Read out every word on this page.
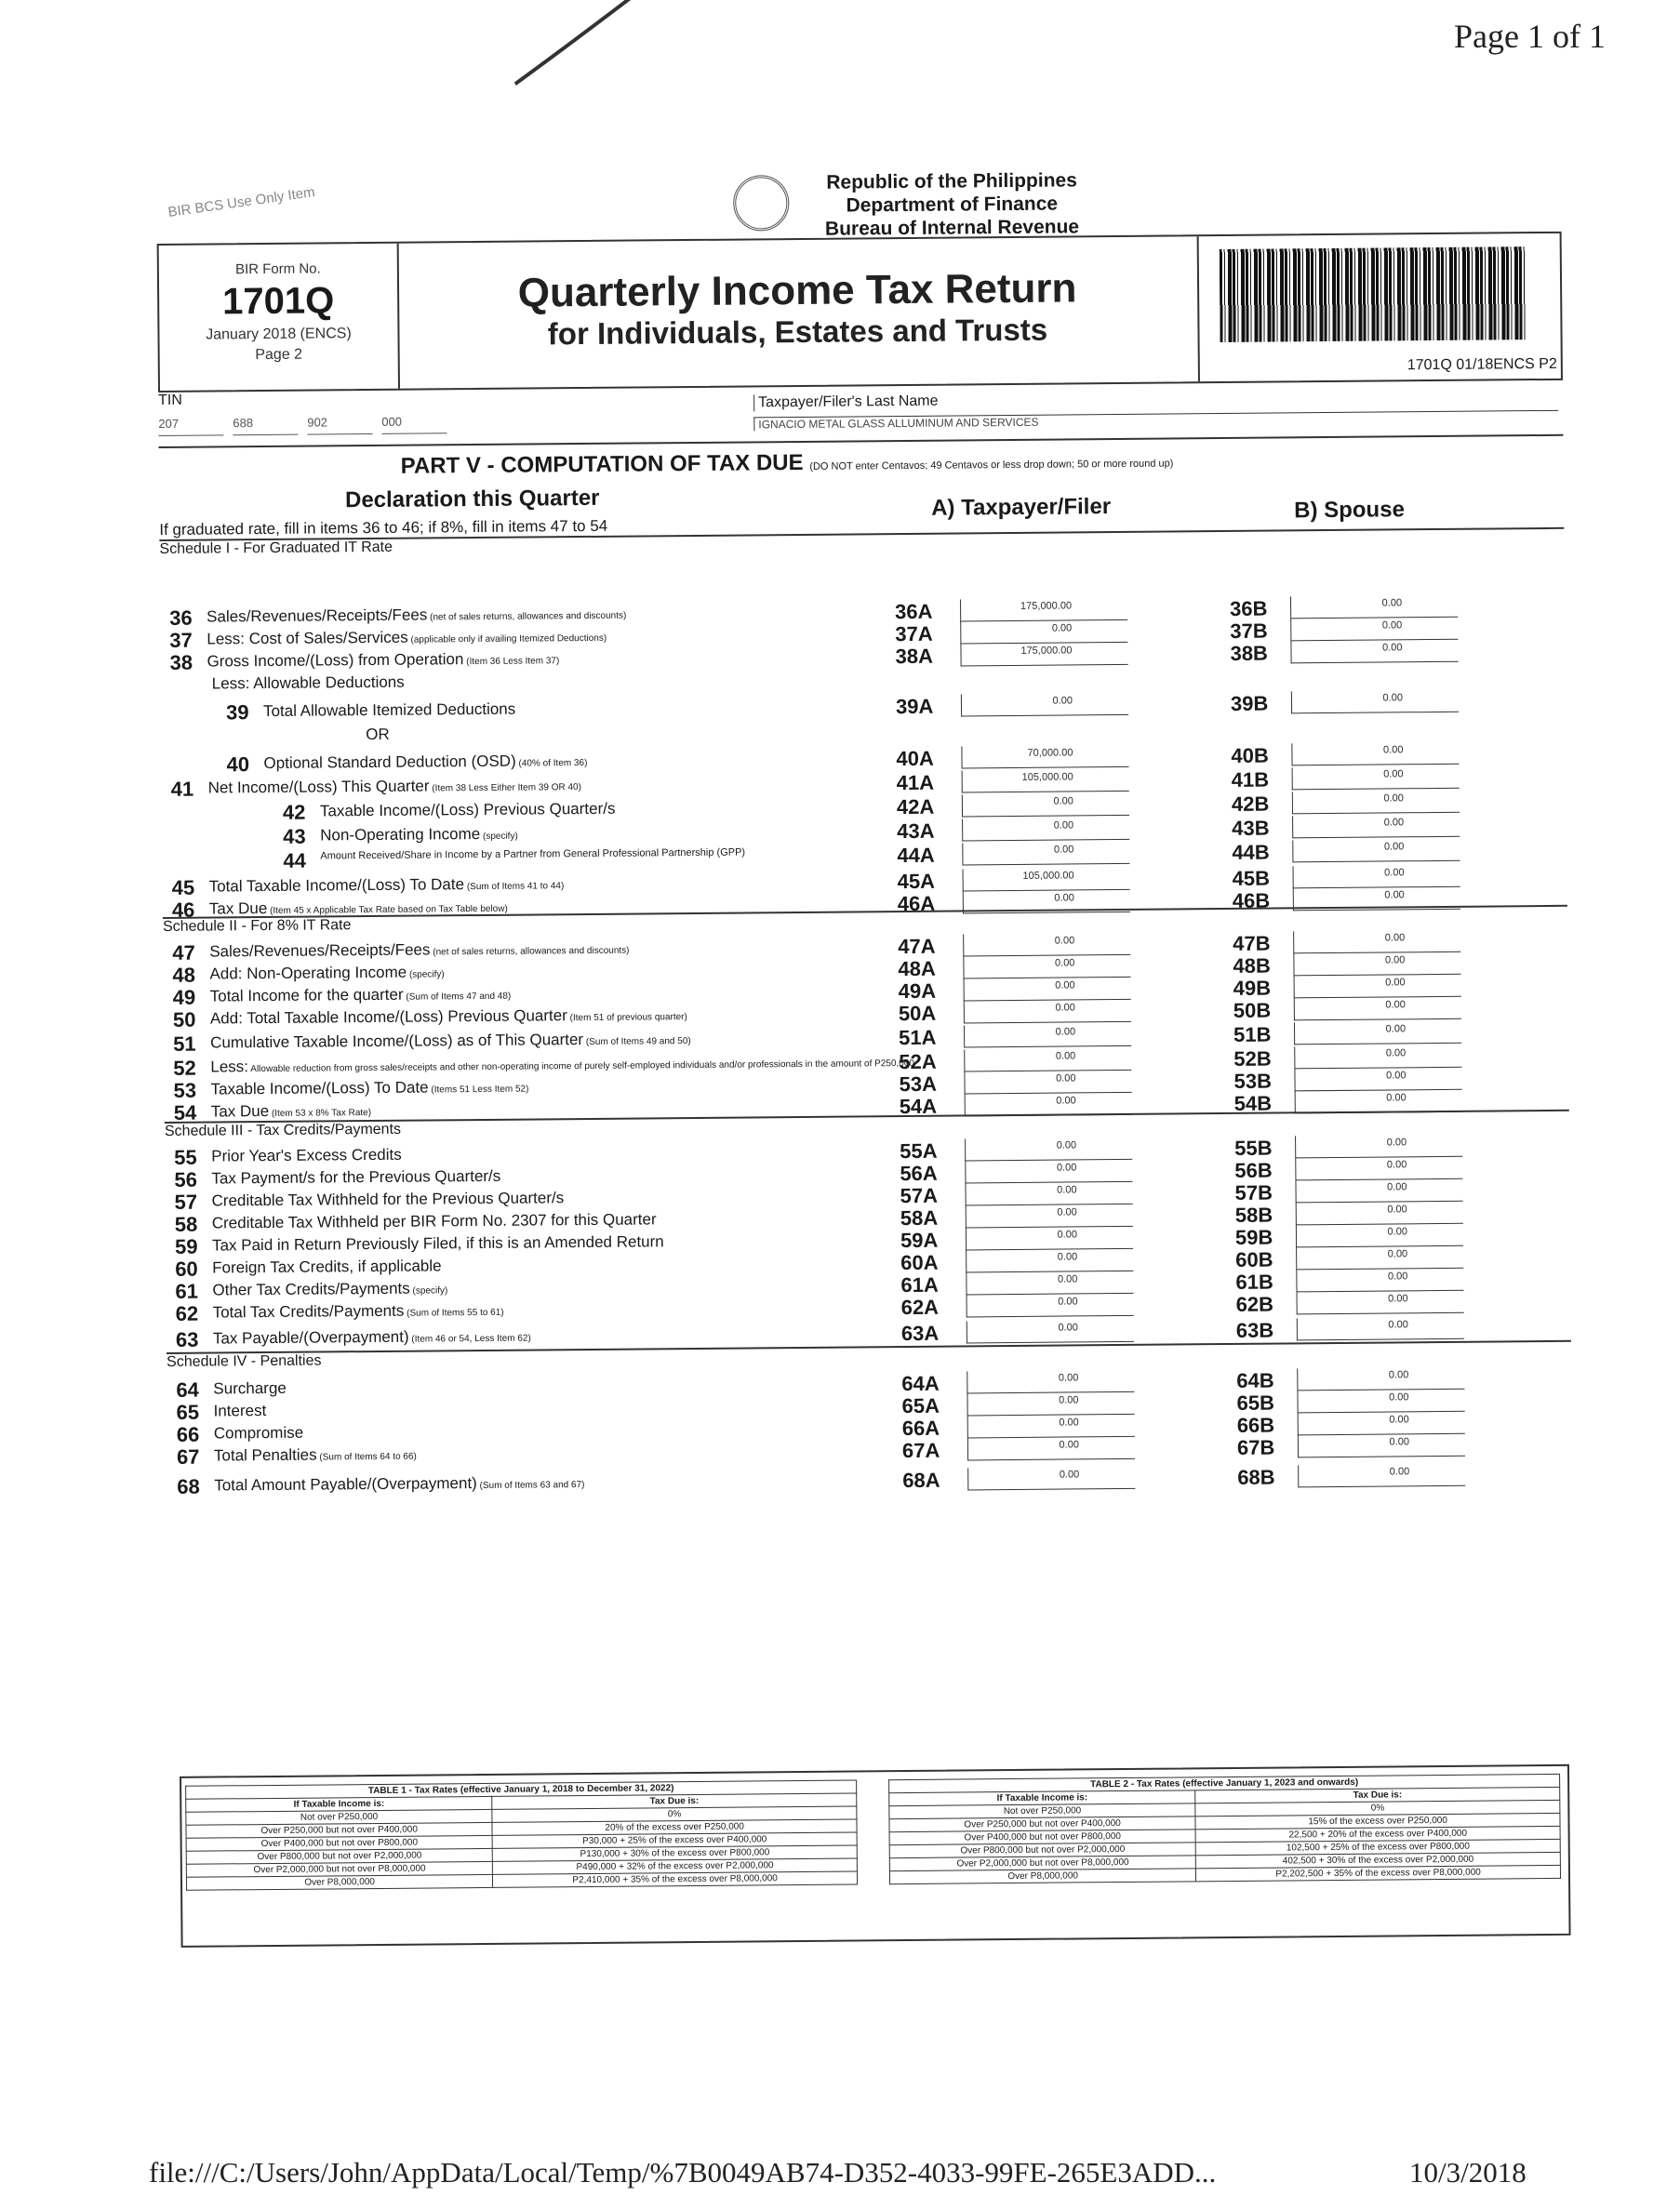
Page 1 of 1
BIR BCS Use Only Item
Republic of the Philippines
Department of Finance
Bureau of Internal Revenue
BIR Form No.
1701Q
January 2018 (ENCS)
Page 2
Quarterly Income Tax Return
for Individuals, Estates and Trusts
1701Q 01/18ENCS P2
TIN
207	688	902	000
Taxpayer/Filer's Last Name
IGNACIO METAL GLASS ALLUMINUM AND SERVICES
PART V - COMPUTATION OF TAX DUE (DO NOT enter Centavos; 49 Centavos or less drop down; 50 or more round up)
Declaration this Quarter	A) Taxpayer/Filer	B) Spouse
If graduated rate, fill in items 36 to 46; if 8%, fill in items 47 to 54
Schedule I - For Graduated IT Rate
Schedule II - For 8% IT Rate
Schedule III - Tax Credits/Payments
Schedule IV - Penalties
Less: Allowable Deductions
OR
36 Sales/Revenues/Receipts/Fees (net of sales returns, allowances and discounts)	36A	175,000.00	36B	0.00
37 Less: Cost of Sales/Services (applicable only if availing Itemized Deductions)	37A	0.00	37B	0.00
38 Gross Income/(Loss) from Operation (Item 36 Less Item 37)	38A	175,000.00	38B	0.00
39 Total Allowable Itemized Deductions	39A	0.00	39B	0.00
40 Optional Standard Deduction (OSD) (40% of Item 36)	40A	70,000.00	40B	0.00
41 Net Income/(Loss) This Quarter (Item 38 Less Either Item 39 OR 40)	41A	105,000.00	41B	0.00
42 Taxable Income/(Loss) Previous Quarter/s	42A	0.00	42B	0.00
43 Non-Operating Income (specify)	43A	0.00	43B	0.00
44 Amount Received/Share in Income by a Partner from General Professional Partnership (GPP)	44A	0.00	44B	0.00
45 Total Taxable Income/(Loss) To Date (Sum of Items 41 to 44)	45A	105,000.00	45B	0.00
46 Tax Due (Item 45 x Applicable Tax Rate based on Tax Table below)	46A	0.00	46B	0.00
47 Sales/Revenues/Receipts/Fees (net of sales returns, allowances and discounts)	47A	0.00	47B	0.00
48 Add: Non-Operating Income (specify)	48A	0.00	48B	0.00
49 Total Income for the quarter (Sum of Items 47 and 48)	49A	0.00	49B	0.00
50 Add: Total Taxable Income/(Loss) Previous Quarter (Item 51 of previous quarter)	50A	0.00	50B	0.00
51 Cumulative Taxable Income/(Loss) as of This Quarter (Sum of Items 49 and 50)	51A	0.00	51B	0.00
52 Less: Allowable reduction from gross sales/receipts and other non-operating income of purely self-employed individuals and/or professionals in the amount of P250,000
52A	0.00	52B	0.00
53 Taxable Income/(Loss) To Date (Items 51 Less Item 52)	53A	0.00	53B	0.00
54 Tax Due (Item 53 x 8% Tax Rate)	54A	0.00	54B	0.00
55 Prior Year's Excess Credits	55A	0.00	55B	0.00
56 Tax Payment/s for the Previous Quarter/s	56A	0.00	56B	0.00
57 Creditable Tax Withheld for the Previous Quarter/s	57A	0.00	57B	0.00
58 Creditable Tax Withheld per BIR Form No. 2307 for this Quarter	58A	0.00	58B	0.00
59 Tax Paid in Return Previously Filed, if this is an Amended Return	59A	0.00	59B	0.00
60 Foreign Tax Credits, if applicable	60A	0.00	60B	0.00
61 Other Tax Credits/Payments (specify)	61A	0.00	61B	0.00
62 Total Tax Credits/Payments (Sum of Items 55 to 61)	62A	0.00	62B	0.00
63 Tax Payable/(Overpayment) (Item 46 or 54, Less Item 62)	63A	0.00	63B	0.00
64 Surcharge	64A	0.00	64B	0.00
65 Interest	65A	0.00	65B	0.00
66 Compromise	66A	0.00	66B	0.00
67 Total Penalties (Sum of Items 64 to 66)	67A	0.00	67B	0.00
68 Total Amount Payable/(Overpayment) (Sum of Items 63 and 67)	68A	0.00	68B	0.00
TABLE 1 - Tax Rates (effective January 1, 2018 to December 31, 2022)	
If Taxable Income is:	Tax Due is:
Not over P250,000	0%
Over P250,000 but not over P400,000	20% of the excess over P250,000
Over P400,000 but not over P800,000	P30,000 + 25% of the excess over P400,000
Over P800,000 but not over P2,000,000	P130,000 + 30% of the excess over P800,000
Over P2,000,000 but not over P8,000,000	P490,000 + 32% of the excess over P2,000,000
Over P8,000,000	P2,410,000 + 35% of the excess over P8,000,000
TABLE 2 - Tax Rates (effective January 1, 2023 and onwards)	
If Taxable Income is:	Tax Due is:
Not over P250,000	0%
Over P250,000 but not over P400,000	15% of the excess over P250,000
Over P400,000 but not over P800,000	22,500 + 20% of the excess over P400,000
Over P800,000 but not over P2,000,000	102,500 + 25% of the excess over P800,000
Over P2,000,000 but not over P8,000,000	402,500 + 30% of the excess over P2,000,000
Over P8,000,000	P2,202,500 + 35% of the excess over P8,000,000
file:///C:/Users/John/AppData/Local/Temp/%7B0049AB74-D352-4033-99FE-265E3ADD...	10/3/2018
